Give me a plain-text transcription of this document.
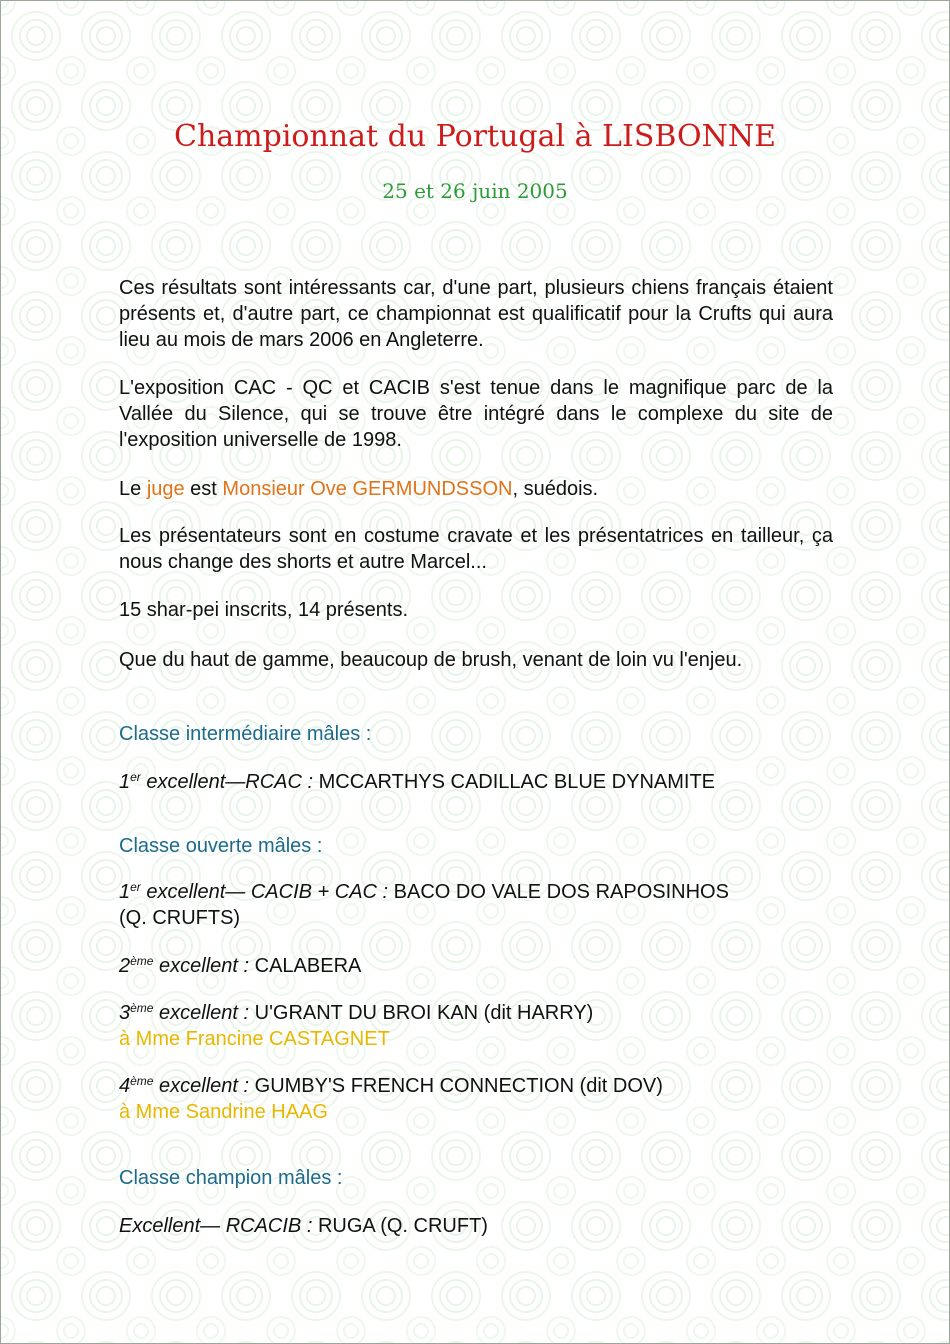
Championnat du Portugal à LISBONNE
25 et 26 juin 2005

Ces résultats sont intéressants car, d'une part, plusieurs chiens français étaient présents et, d'autre part, ce championnat est qualificatif pour la Crufts qui aura lieu au mois de mars 2006 en Angleterre.

L'exposition CAC - QC et CACIB s'est tenue dans le magnifique parc de la Vallée du Silence, qui se trouve être intégré dans le complexe du site de l'exposition universelle de 1998.

Le juge est Monsieur Ove GERMUNDSSON, suédois.

Les présentateurs sont en costume cravate et les présentatrices en tailleur, ça nous change des shorts et autre Marcel...

15 shar-pei inscrits, 14 présents.

Que du haut de gamme, beaucoup de brush, venant de loin vu l'enjeu.

Classe intermédiaire mâles :

1er excellent—RCAC : MCCARTHYS CADILLAC BLUE DYNAMITE

Classe ouverte mâles :

1er excellent— CACIB + CAC : BACO DO VALE DOS RAPOSINHOS
(Q. CRUFTS)

2ème excellent : CALABERA

3ème excellent : U'GRANT DU BROI KAN (dit HARRY)
à Mme Francine CASTAGNET
4ème excellent : GUMBY'S FRENCH CONNECTION (dit DOV)
à Mme Sandrine HAAG

Classe champion mâles :

Excellent— RCACIB : RUGA (Q. CRUFT)
